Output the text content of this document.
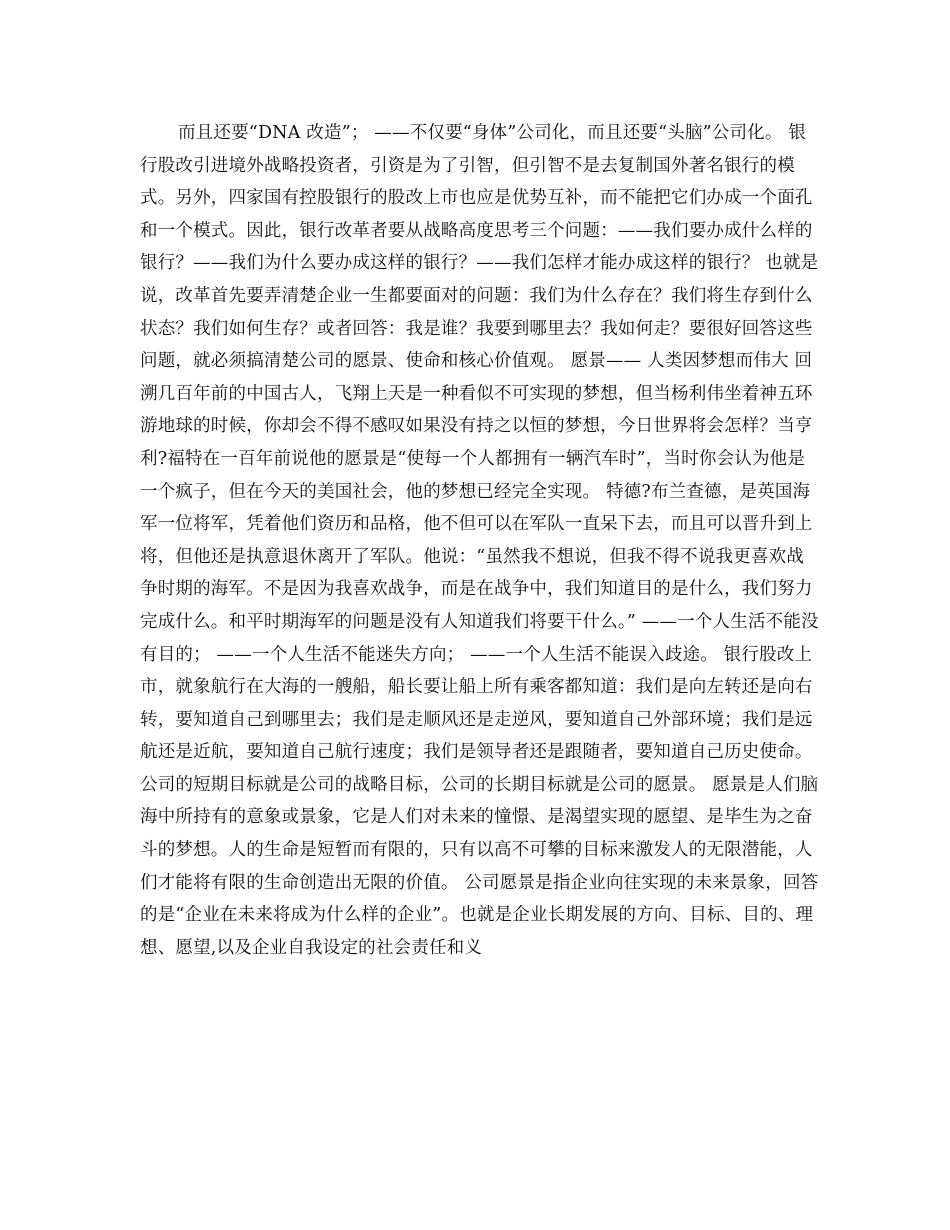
而且还要“DNA 改造”； ——不仅要“身体”公司化，而且还要“头脑”公司化。 银行股改引进境外战略投资者，引资是为了引智，但引智不是去复制国外著名银行的模式。另外，四家国有控股银行的股改上市也应是优势互补，而不能把它们办成一个面孔和一个模式。因此，银行改革者要从战略高度思考三个问题：——我们要办成什么样的银行？——我们为什么要办成这样的银行？——我们怎样才能办成这样的银行？ 也就是说，改革首先要弄清楚企业一生都要面对的问题：我们为什么存在？我们将生存到什么状态？我们如何生存？或者回答：我是谁？我要到哪里去？我如何走？要很好回答这些问题，就必须搞清楚公司的愿景、使命和核心价值观。 愿景—— 人类因梦想而伟大 回溯几百年前的中国古人，飞翔上天是一种看似不可实现的梦想，但当杨利伟坐着神五环游地球的时候，你却会不得不感叹如果没有持之以恒的梦想，今日世界将会怎样？当亨利?福特在一百年前说他的愿景是“使每一个人都拥有一辆汽车时”，当时你会认为他是一个疯子，但在今天的美国社会，他的梦想已经完全实现。 特德?布兰查德，是英国海军一位将军，凭着他们资历和品格，他不但可以在军队一直呆下去，而且可以晋升到上将，但他还是执意退休离开了军队。他说：“虽然我不想说，但我不得不说我更喜欢战争时期的海军。不是因为我喜欢战争，而是在战争中，我们知道目的是什么，我们努力完成什么。和平时期海军的问题是没有人知道我们将要干什么。” ——一个人生活不能没有目的； ——一个人生活不能迷失方向； ——一个人生活不能误入歧途。 银行股改上市，就象航行在大海的一艘船，船长要让船上所有乘客都知道：我们是向左转还是向右转，要知道自己到哪里去；我们是走顺风还是走逆风，要知道自己外部环境；我们是远航还是近航，要知道自己航行速度；我们是领导者还是跟随者，要知道自己历史使命。 公司的短期目标就是公司的战略目标，公司的长期目标就是公司的愿景。 愿景是人们脑海中所持有的意象或景象，它是人们对未来的憧憬、是渴望实现的愿望、是毕生为之奋斗的梦想。人的生命是短暂而有限的，只有以高不可攀的目标来激发人的无限潜能，人们才能将有限的生命创造出无限的价值。 公司愿景是指企业向往实现的未来景象，回答的是“企业在未来将成为什么样的企业”。也就是企业长期发展的方向、目标、目的、理想、愿望,以及企业自我设定的社会责任和义
